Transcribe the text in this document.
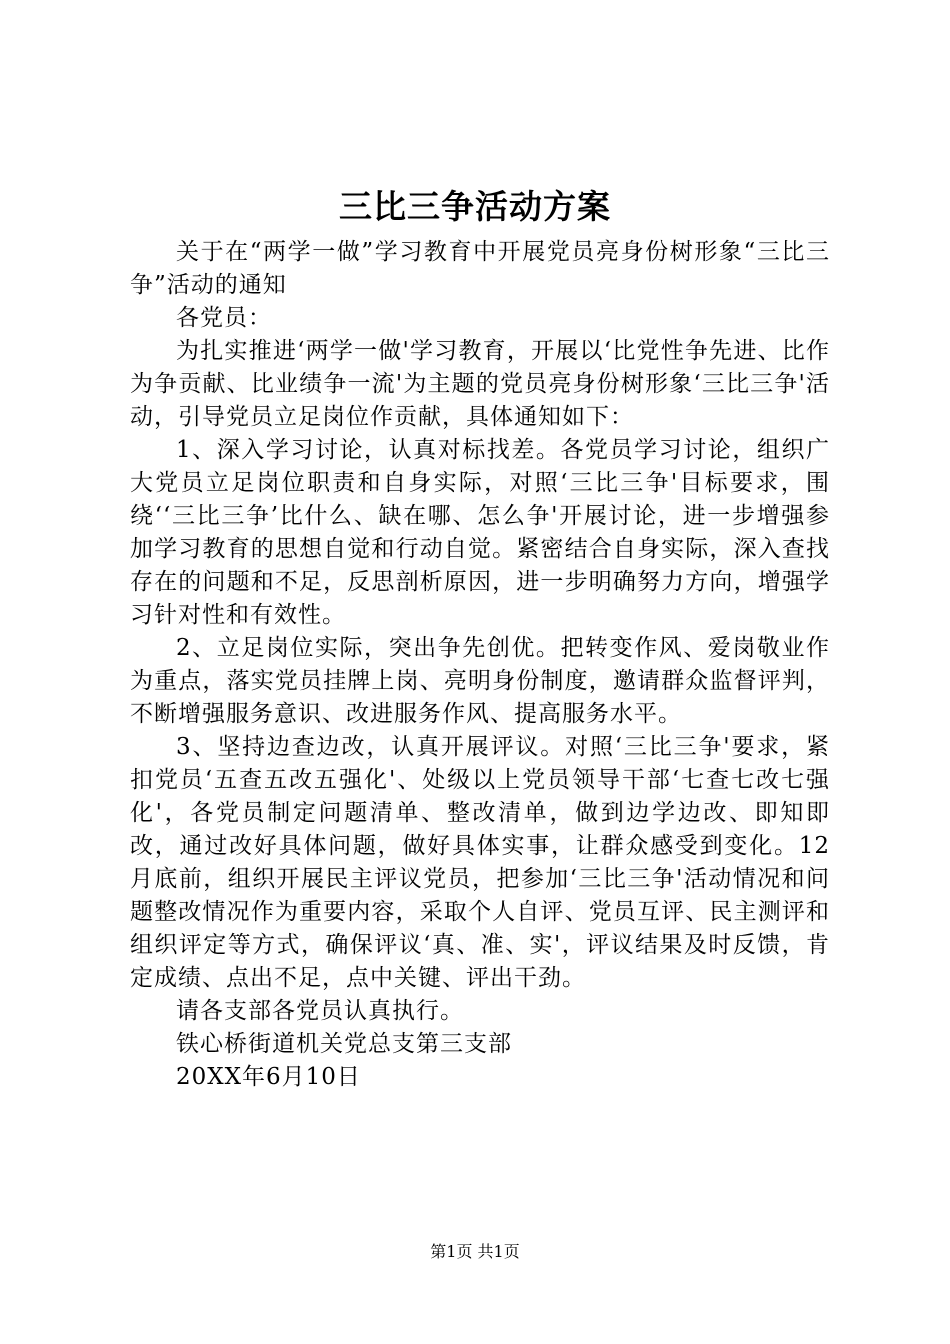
三比三争活动方案

关于在“两学一做”学习教育中开展党员亮身份树形象“三比三争”活动的通知

各党员：

为扎实推进‘两学一做'学习教育，开展以‘比党性争先进、比作为争贡献、比业绩争一流'为主题的党员亮身份树形象‘三比三争'活动，引导党员立足岗位作贡献，具体通知如下：

1、深入学习讨论，认真对标找差。各党员学习讨论，组织广大党员立足岗位职责和自身实际，对照‘三比三争'目标要求，围绕‘‘三比三争’比什么、缺在哪、怎么争'开展讨论，进一步增强参加学习教育的思想自觉和行动自觉。紧密结合自身实际，深入查找存在的问题和不足，反思剖析原因，进一步明确努力方向，增强学习针对性和有效性。

2、立足岗位实际，突出争先创优。把转变作风、爱岗敬业作为重点，落实党员挂牌上岗、亮明身份制度，邀请群众监督评判，不断增强服务意识、改进服务作风、提高服务水平。

3、坚持边查边改，认真开展评议。对照‘三比三争'要求，紧扣党员‘五查五改五强化'、处级以上党员领导干部‘七查七改七强化'，各党员制定问题清单、整改清单，做到边学边改、即知即改，通过改好具体问题，做好具体实事，让群众感受到变化。12月底前，组织开展民主评议党员，把参加‘三比三争'活动情况和问题整改情况作为重要内容，采取个人自评、党员互评、民主测评和组织评定等方式，确保评议‘真、准、实'，评议结果及时反馈，肯定成绩、点出不足，点中关键、评出干劲。

请各支部各党员认真执行。

铁心桥街道机关党总支第三支部

20XX年6月10日

第1页 共1页
